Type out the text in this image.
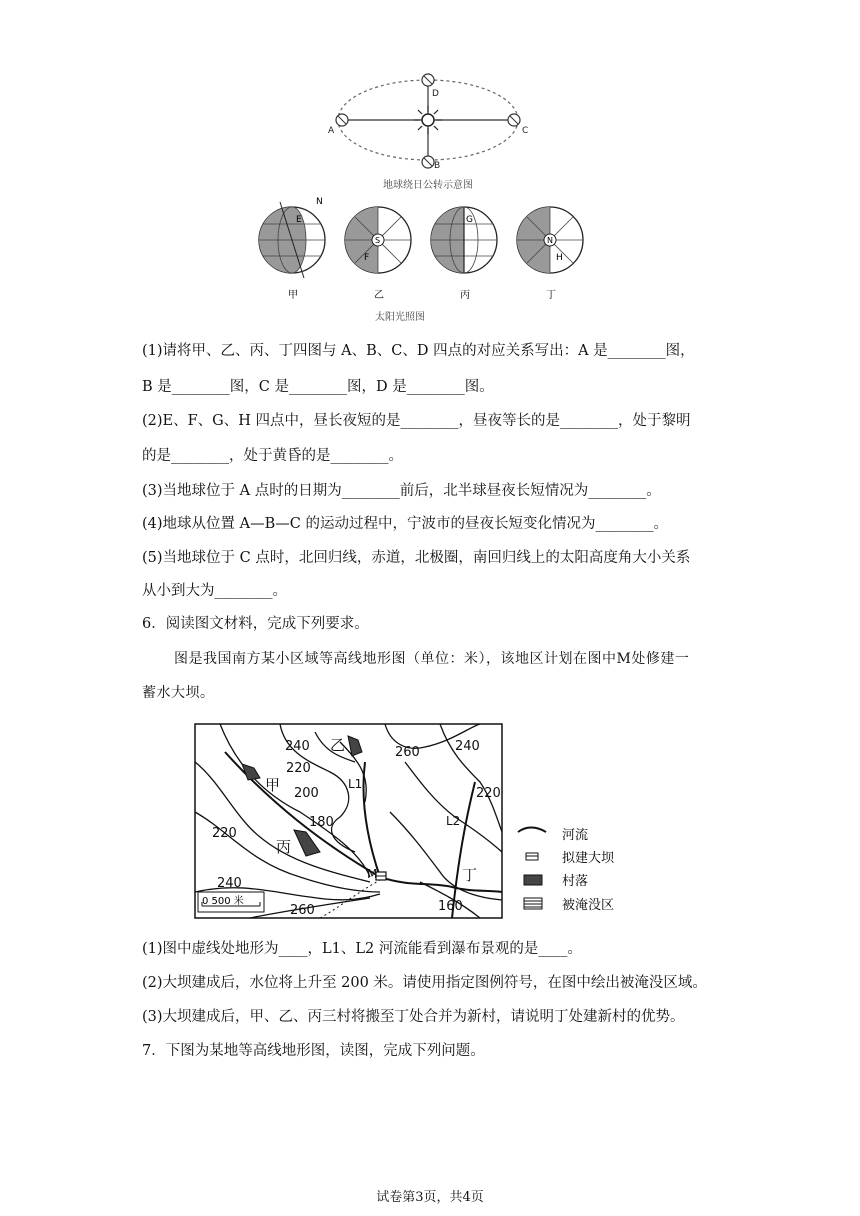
D
B
A	C
地球绕日公转示意图
N
E
甲
S
F
乙
G
丙
N
H
丁
太阳光照图
(1)请将甲、乙、丙、丁四图与 A、B、C、D 四点的对应关系写出：A 是________图，
B 是________图，C 是________图，D 是________图。
(2)E、F、G、H 四点中，昼长夜短的是________，昼夜等长的是________，处于黎明
的是________，处于黄昏的是________。
(3)当地球位于 A 点时的日期为________前后，北半球昼夜长短情况为________。
(4)地球从位置 A—B—C 的运动过程中，宁波市的昼夜长短变化情况为________。
(5)当地球位于 C 点时，北回归线，赤道，北极圈，南回归线上的太阳高度角大小关系
从小到大为________。
6．阅读图文材料，完成下列要求。
图是我国南方某小区域等高线地形图（单位：米），该地区计划在图中M处修建一
蓄水大坝。
240	260	240
220
200	220
180
220
240
260	160
乙
甲
丙
丁
L1
L2
M
0 500 米
河流
拟建大坝
村落
被淹没区
(1)图中虚线处地形为____，L1、L2 河流能看到瀑布景观的是____。
(2)大坝建成后，水位将上升至 200 米。请使用指定图例符号，在图中绘出被淹没区域。
(3)大坝建成后，甲、乙、丙三村将搬至丁处合并为新村，请说明丁处建新村的优势。
7．下图为某地等高线地形图，读图，完成下列问题。
试卷第3页，共4页
